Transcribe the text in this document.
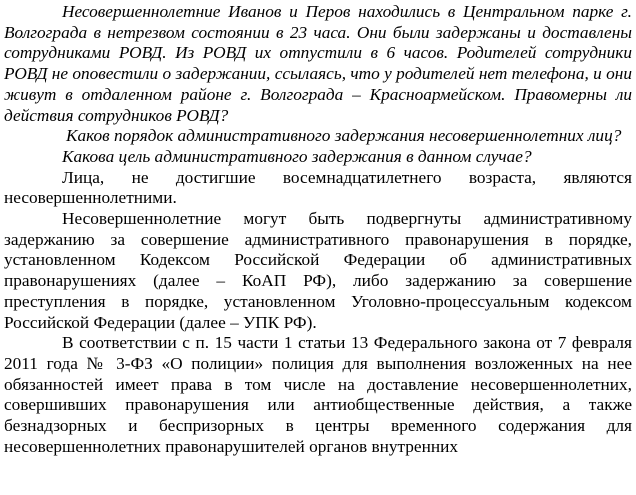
Несовершеннолетние Иванов и Перов находились в Центральном парке г. Волгограда в нетрезвом состоянии в 23 часа. Они были задержаны и доставлены сотрудниками РОВД. Из РОВД их отпустили в 6 часов. Родителей сотрудники РОВД не оповестили о задержании, ссылаясь, что у родителей нет телефона, и они живут в отдаленном районе г. Волгограда – Красноармейском. Правомерны ли действия сотрудников РОВД?

Каков порядок административного задержания несовершеннолетних лиц?

Какова цель административного задержания в данном случае?

Лица, не достигшие восемнадцатилетнего возраста, являются несовершеннолетними.

Несовершеннолетние могут быть подвергнуты административному задержанию за совершение административного правонарушения в порядке, установленном Кодексом Российской Федерации об административных правонарушениях (далее – КоАП РФ), либо задержанию за совершение преступления в порядке, установленном Уголовно-процессуальным кодексом Российской Федерации (далее – УПК РФ).

В соответствии с п. 15 части 1 статьи 13 Федерального закона от 7 февраля 2011 года № 3-ФЗ «О полиции» полиция для выполнения возложенных на нее обязанностей имеет права в том числе на доставление несовершеннолетних, совершивших правонарушения или антиобщественные действия, а также безнадзорных и беспризорных в центры временного содержания для несовершеннолетних правонарушителей органов внутренних
